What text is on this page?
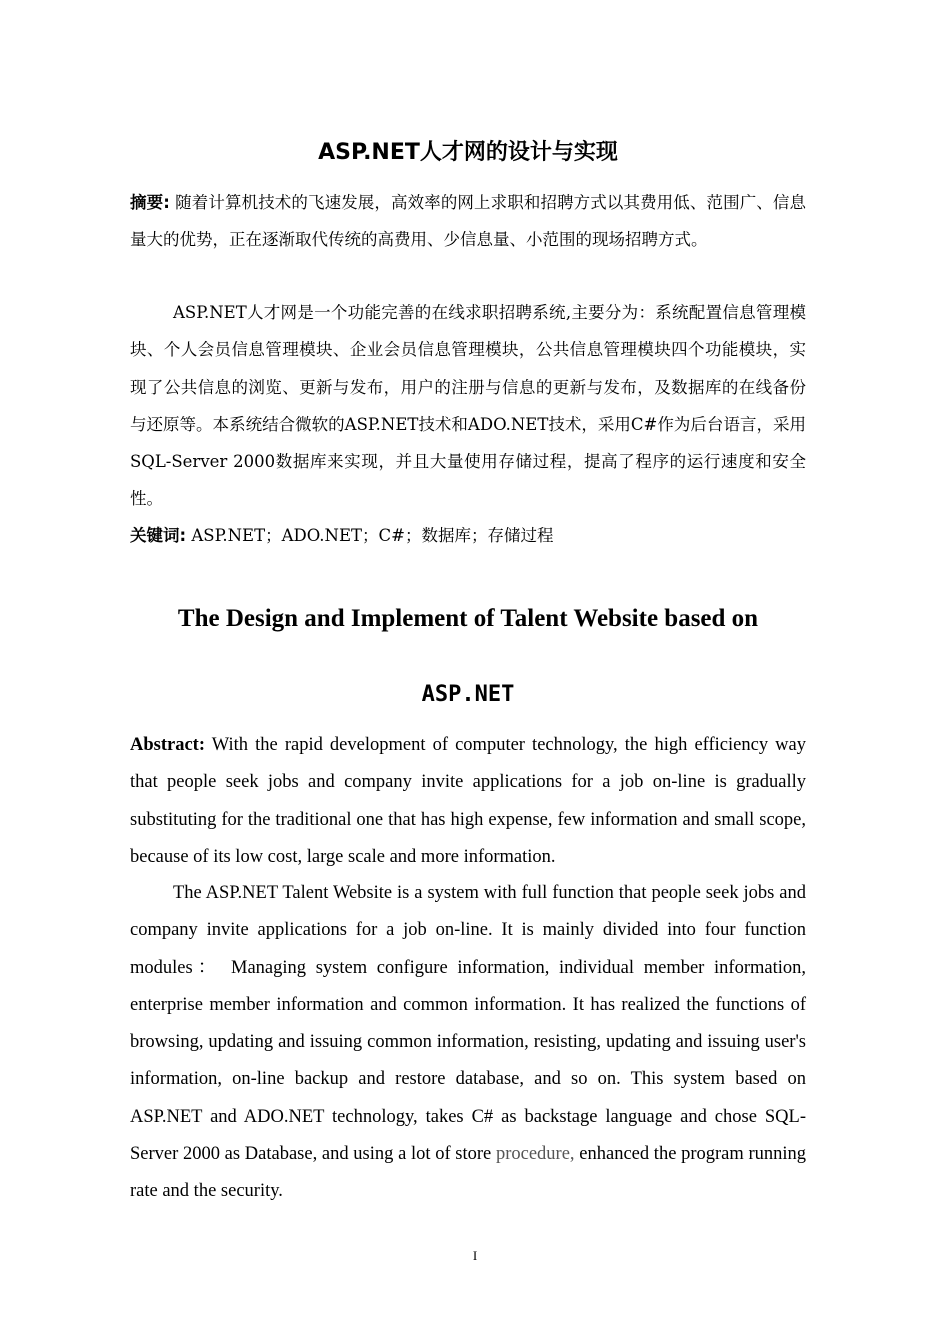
ASP.NET人才网的设计与实现

摘要: 随着计算机技术的飞速发展，高效率的网上求职和招聘方式以其费用低、范围广、信息量大的优势，正在逐渐取代传统的高费用、少信息量、小范围的现场招聘方式。

ASP.NET人才网是一个功能完善的在线求职招聘系统,主要分为：系统配置信息管理模块、个人会员信息管理模块、企业会员信息管理模块，公共信息管理模块四个功能模块，实现了公共信息的浏览、更新与发布，用户的注册与信息的更新与发布，及数据库的在线备份与还原等。本系统结合微软的ASP.NET技术和ADO.NET技术，采用C#作为后台语言，采用SQL-Server 2000数据库来实现，并且大量使用存储过程，提高了程序的运行速度和安全性。

关键词: ASP.NET；ADO.NET；C#；数据库；存储过程

The Design and Implement of Talent Website based on
ASP.NET

Abstract: With the rapid development of computer technology, the high efficiency way that people seek jobs and company invite applications for a job on-line is gradually substituting for the traditional one that has high expense, few information and small scope, because of its low cost, large scale and more information.

The ASP.NET Talent Website is a system with full function that people seek jobs and company invite applications for a job on-line. It is mainly divided into four function modules： Managing system configure information, individual member information, enterprise member information and common information. It has realized the functions of browsing, updating and issuing common information, resisting, updating and issuing user's information, on-line backup and restore database, and so on. This system based on ASP.NET and ADO.NET technology, takes C# as backstage language and chose SQL-Server 2000 as Database, and using a lot of store procedure, enhanced the program running rate and the security.

I
